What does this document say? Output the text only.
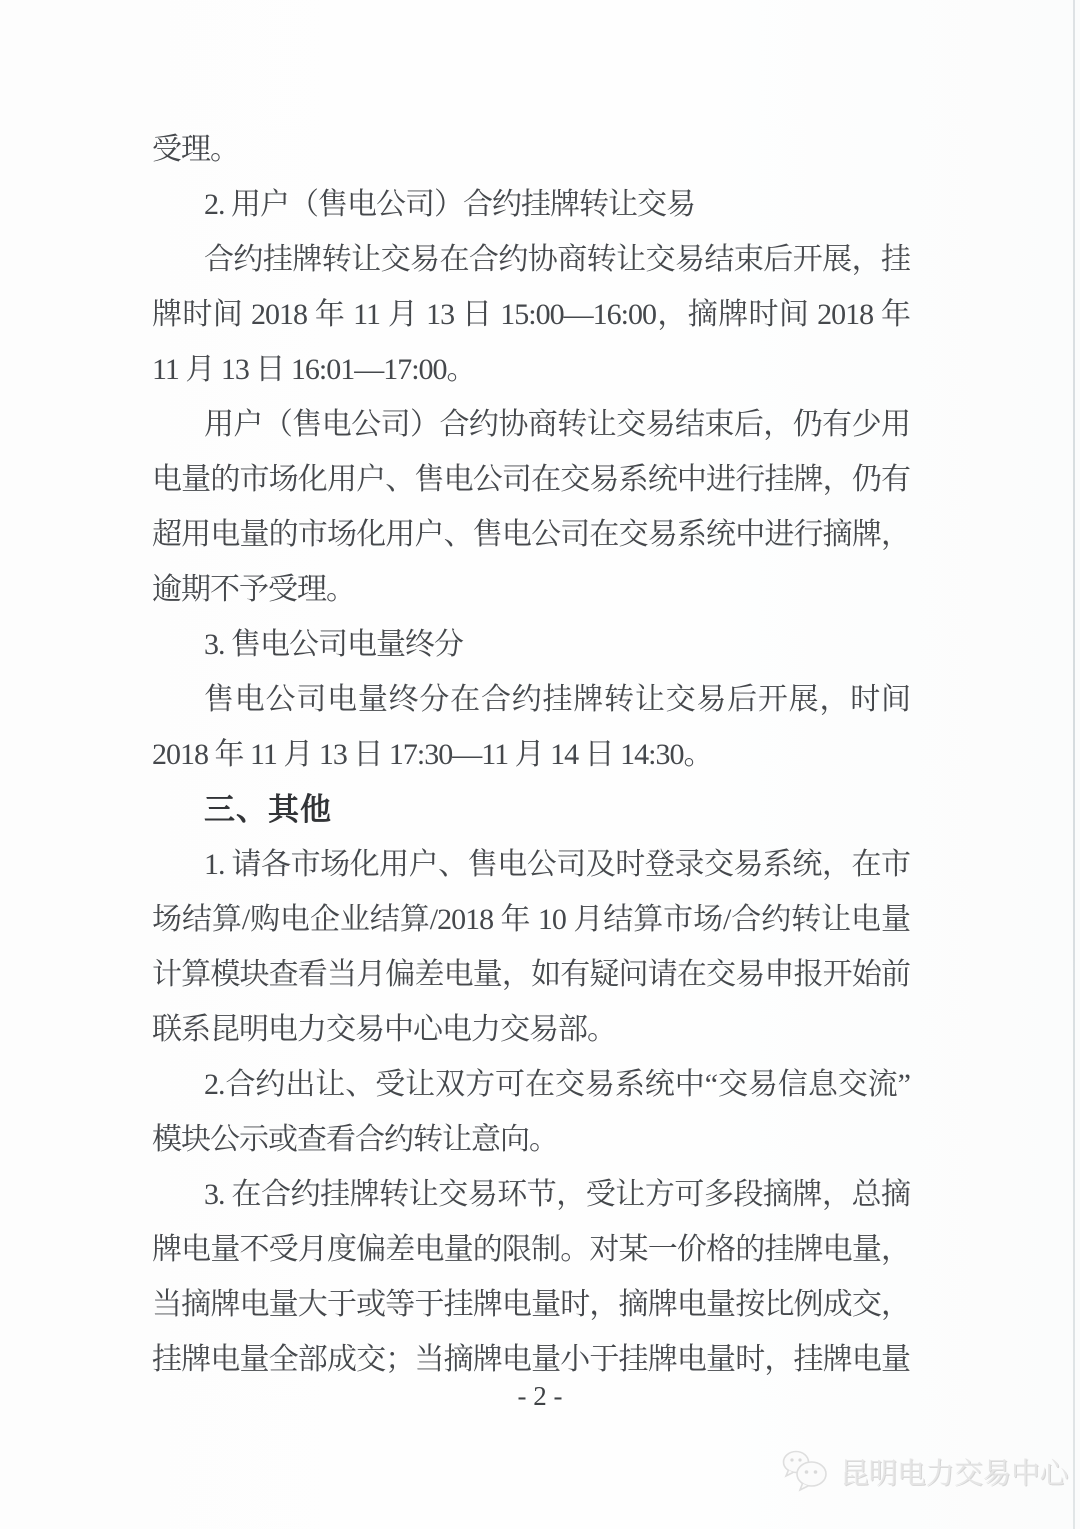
受理。
2. 用户（售电公司）合约挂牌转让交易
合约挂牌转让交易在合约协商转让交易结束后开展，挂
牌时间 2018 年 11 月 13 日 15:00—16:00，摘牌时间 2018 年
11 月 13 日 16:01—17:00。
用户（售电公司）合约协商转让交易结束后，仍有少用
电量的市场化用户、售电公司在交易系统中进行挂牌，仍有
超用电量的市场化用户、售电公司在交易系统中进行摘牌，
逾期不予受理。
3. 售电公司电量终分
售电公司电量终分在合约挂牌转让交易后开展，时间
2018 年 11 月 13 日 17:30—11 月 14 日 14:30。
三、其他
1. 请各市场化用户、售电公司及时登录交易系统，在市
场结算/购电企业结算/2018 年 10 月结算市场/合约转让电量
计算模块查看当月偏差电量，如有疑问请在交易申报开始前
联系昆明电力交易中心电力交易部。
2.合约出让、受让双方可在交易系统中“交易信息交流”
模块公示或查看合约转让意向。
3. 在合约挂牌转让交易环节，受让方可多段摘牌，总摘
牌电量不受月度偏差电量的限制。对某一价格的挂牌电量，
当摘牌电量大于或等于挂牌电量时，摘牌电量按比例成交，
挂牌电量全部成交；当摘牌电量小于挂牌电量时，挂牌电量
- 2 -
昆明电力交易中心
